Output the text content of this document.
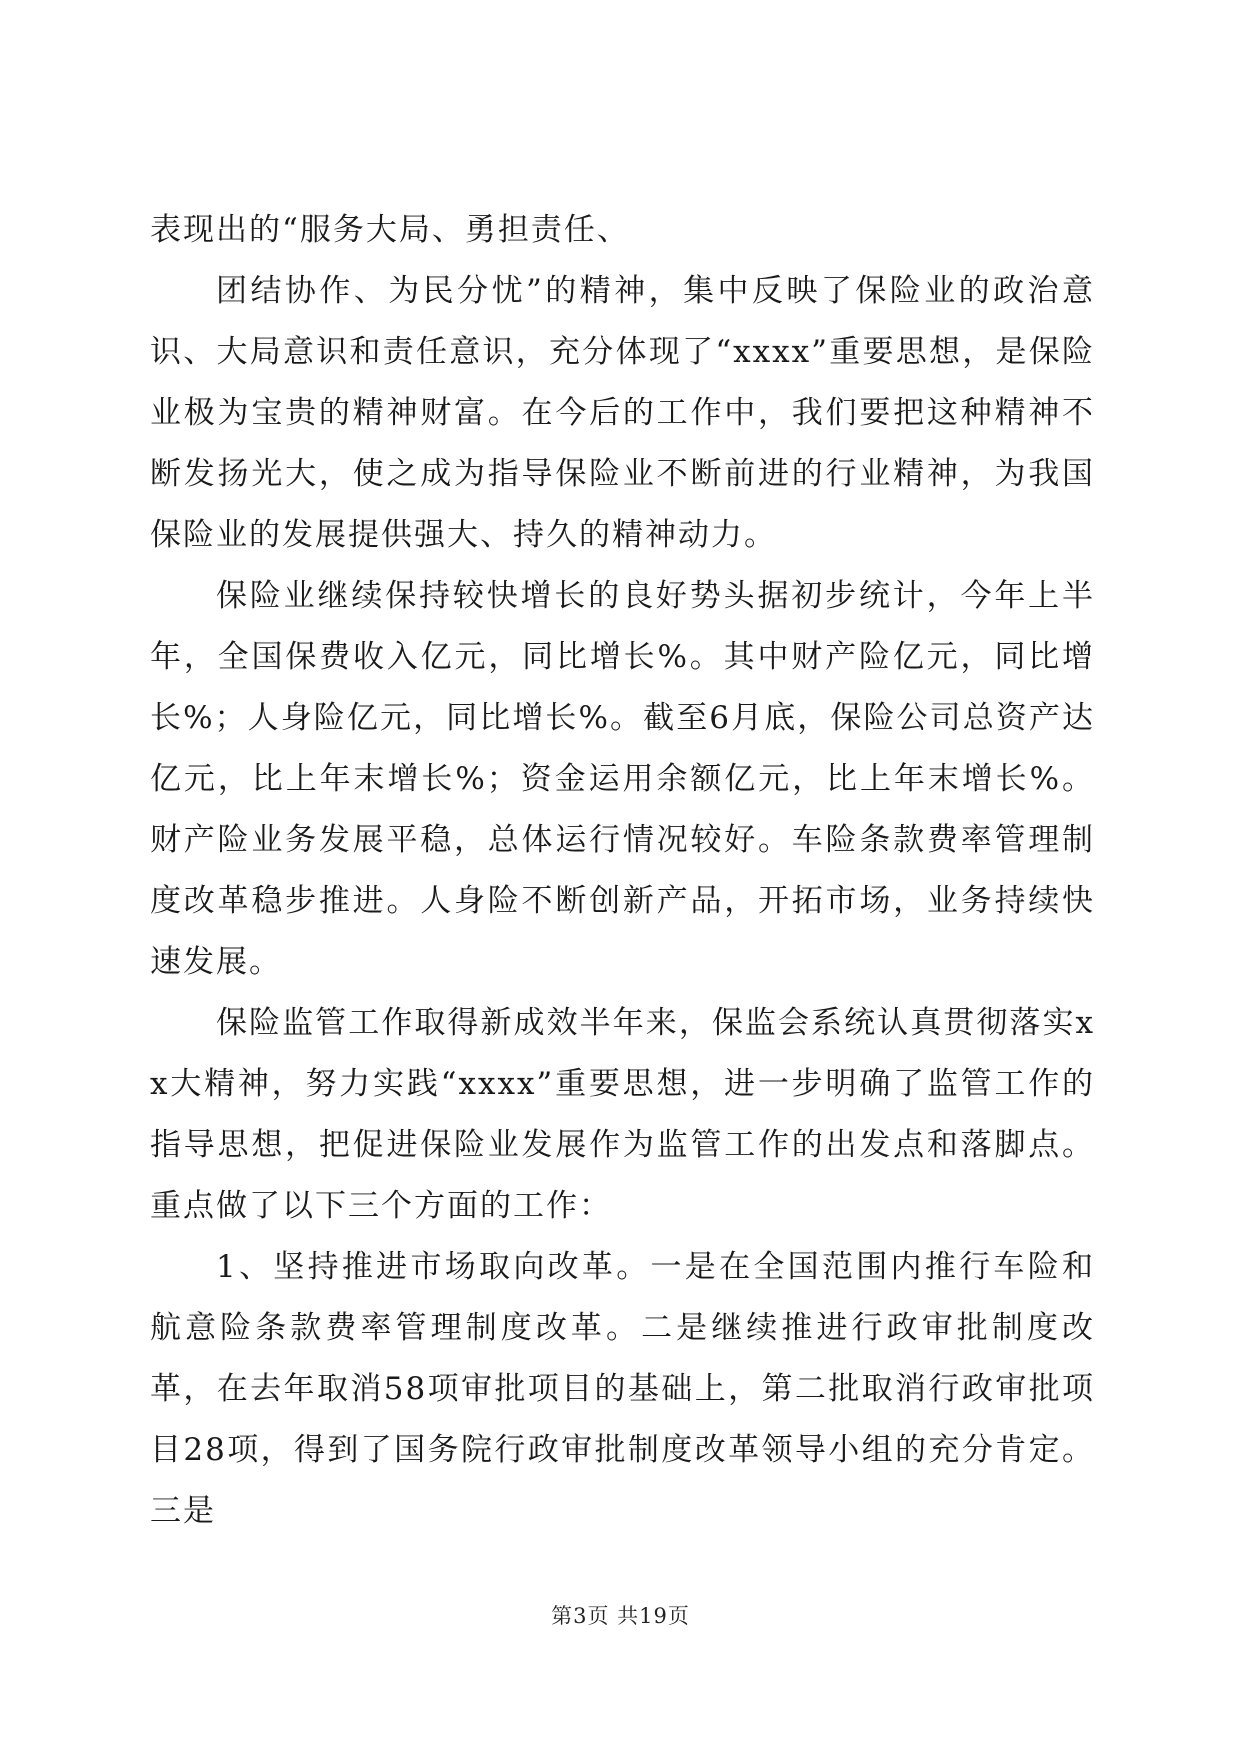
表现出的“服务大局、勇担责任、

团结协作、为民分忧”的精神，集中反映了保险业的政治意识、大局意识和责任意识，充分体现了“xxxx”重要思想，是保险业极为宝贵的精神财富。在今后的工作中，我们要把这种精神不断发扬光大，使之成为指导保险业不断前进的行业精神，为我国保险业的发展提供强大、持久的精神动力。

保险业继续保持较快增长的良好势头据初步统计，今年上半年，全国保费收入亿元，同比增长%。其中财产险亿元，同比增长%；人身险亿元，同比增长%。截至6月底，保险公司总资产达亿元，比上年末增长%；资金运用余额亿元，比上年末增长%。财产险业务发展平稳，总体运行情况较好。车险条款费率管理制度改革稳步推进。人身险不断创新产品，开拓市场，业务持续快速发展。

保险监管工作取得新成效半年来，保监会系统认真贯彻落实xx大精神，努力实践“xxxx”重要思想，进一步明确了监管工作的指导思想，把促进保险业发展作为监管工作的出发点和落脚点。重点做了以下三个方面的工作：

1、坚持推进市场取向改革。一是在全国范围内推行车险和航意险条款费率管理制度改革。二是继续推进行政审批制度改革，在去年取消58项审批项目的基础上，第二批取消行政审批项目28项，得到了国务院行政审批制度改革领导小组的充分肯定。三是

第3页 共19页
